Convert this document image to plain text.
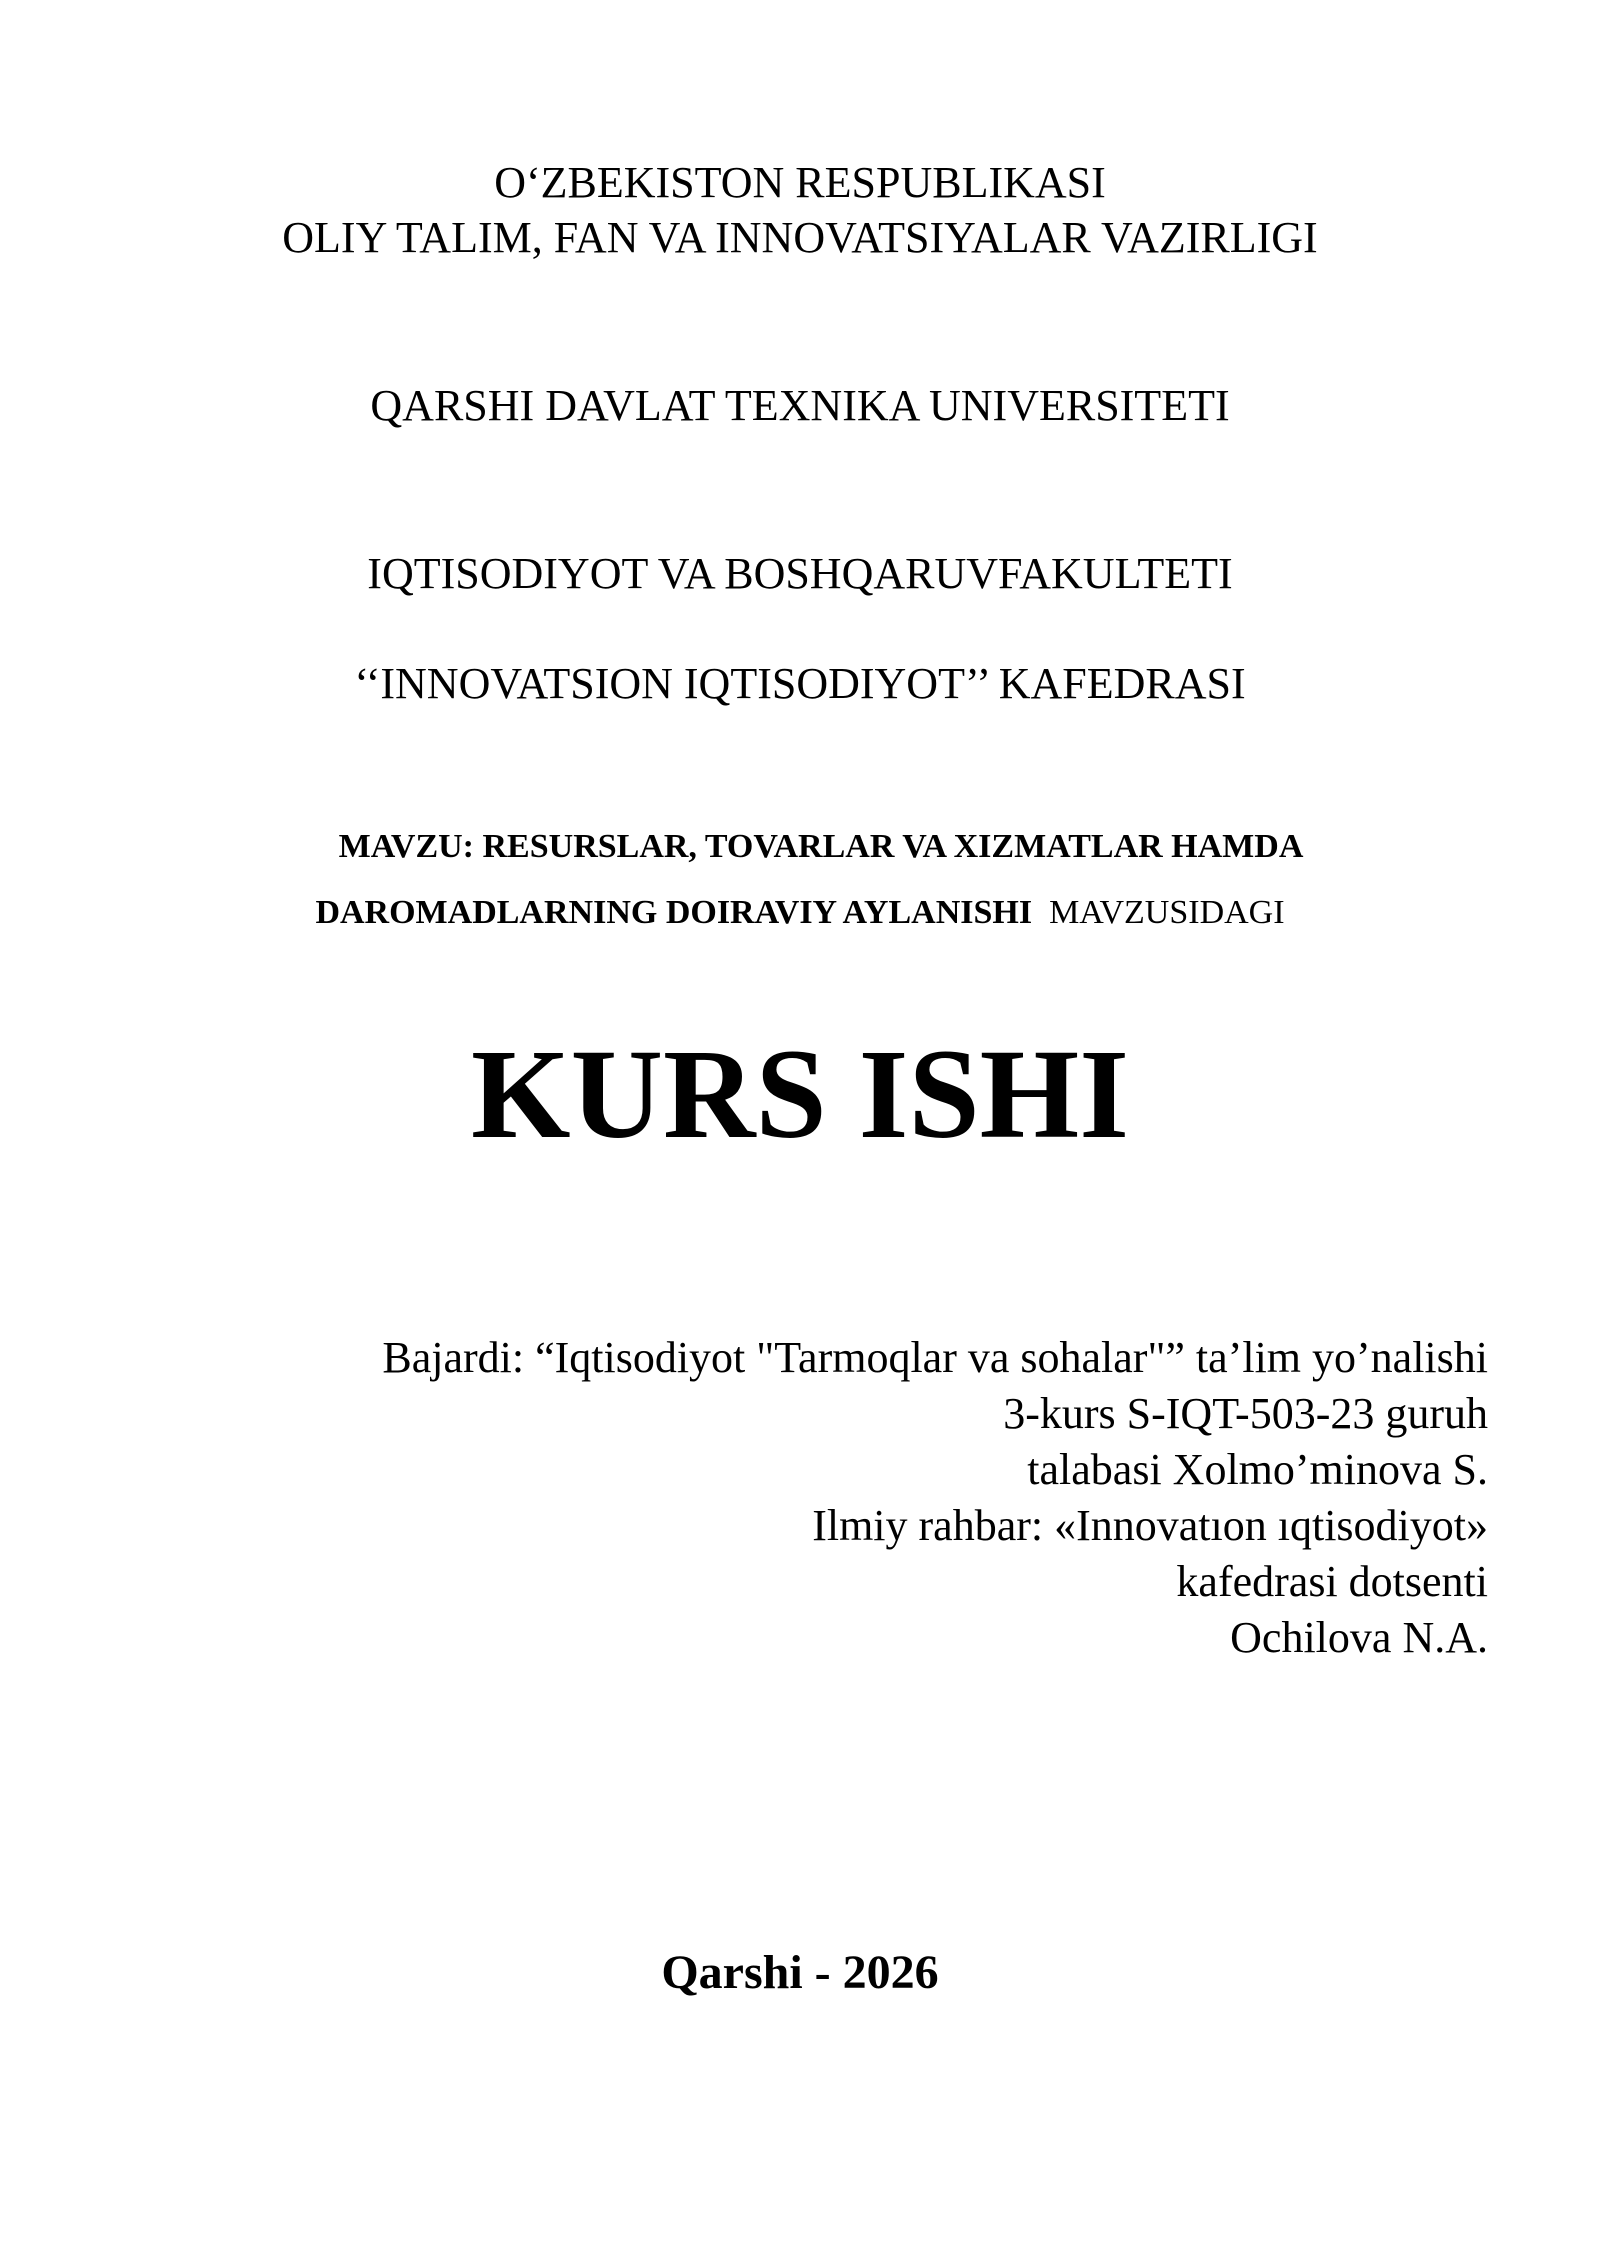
O‘ZBEKISTON RESPUBLIKASI
OLIY TALIM, FAN VA INNOVATSIYALAR VAZIRLIGI
QARSHI DAVLAT TEXNIKA UNIVERSITETI
IQTISODIYOT VA BOSHQARUVFAKULTETI
‘‘INNOVATSION IQTISODIYOT’’ KAFEDRASI
MAVZU: RESURSLAR, TOVARLAR VA XIZMATLAR HAMDA
DAROMADLARNING DOIRAVIY AYLANISHI MAVZUSIDAGI
KURS ISHI
Bajardi: “Iqtisodiyot "Tarmoqlar va sohalar"” ta’lim yo’nalishi
3-kurs S-IQT-503-23 guruh
talabasi Xolmo’minova S.
Ilmiy rahbar: «Innovatıon ıqtisodiyot»
kafedrasi dotsenti
Ochilova N.A.
Qarshi - 2026
